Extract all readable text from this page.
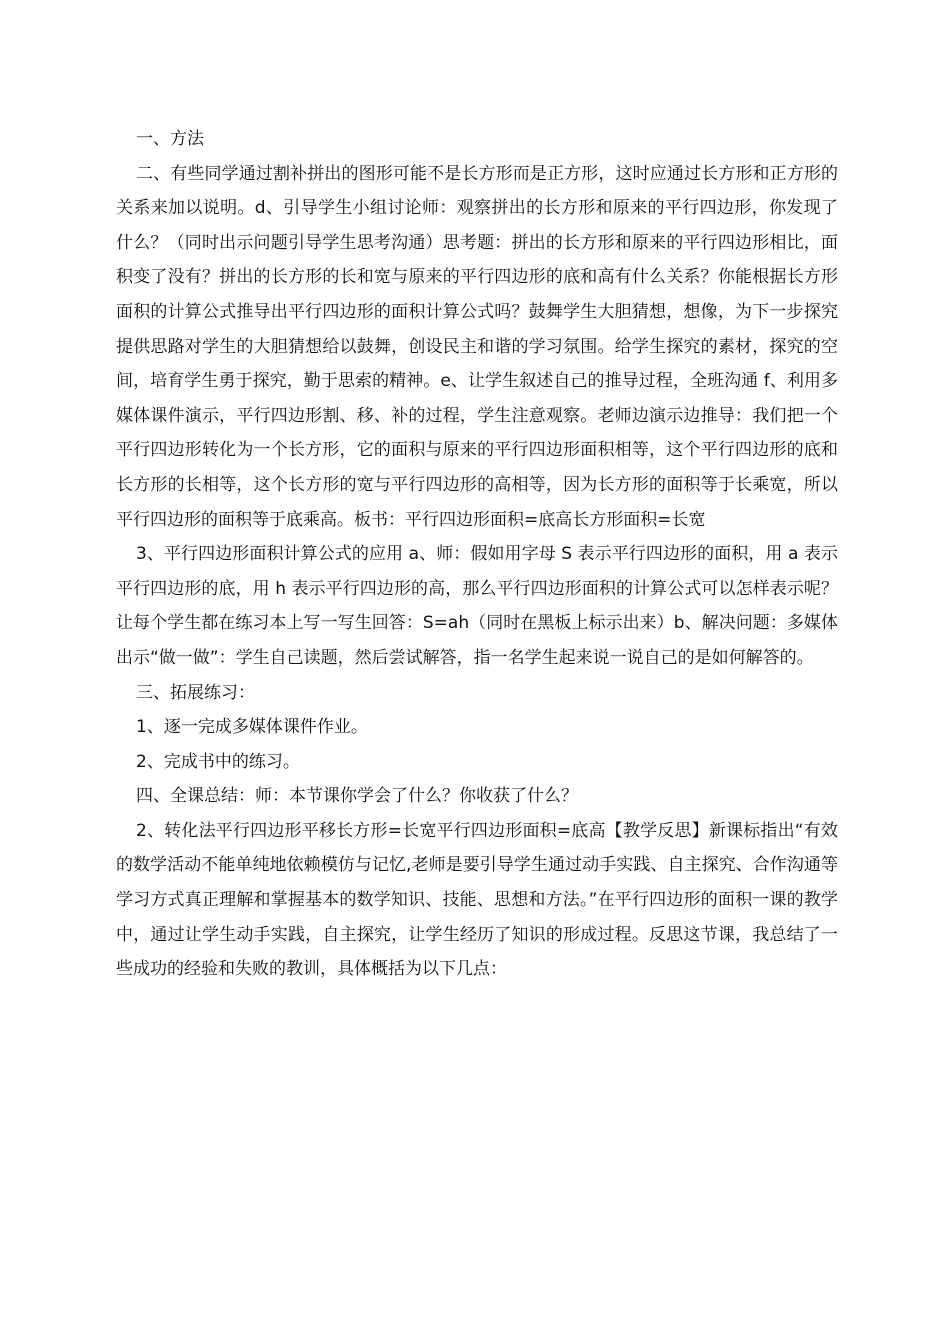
一、方法

二、有些同学通过割补拼出的图形可能不是长方形而是正方形，这时应通过长方形和正方形的关系来加以说明。d、引导学生小组讨论师：观察拼出的长方形和原来的平行四边形，你发现了什么？（同时出示问题引导学生思考沟通）思考题：拼出的长方形和原来的平行四边形相比，面积变了没有？拼出的长方形的长和宽与原来的平行四边形的底和高有什么关系？你能根据长方形面积的计算公式推导出平行四边形的面积计算公式吗？鼓舞学生大胆猜想，想像，为下一步探究提供思路对学生的大胆猜想给以鼓舞，创设民主和谐的学习氛围。给学生探究的素材，探究的空间，培育学生勇于探究，勤于思索的精神。e、让学生叙述自己的推导过程，全班沟通 f、利用多媒体课件演示，平行四边形割、移、补的过程，学生注意观察。老师边演示边推导：我们把一个平行四边形转化为一个长方形，它的面积与原来的平行四边形面积相等，这个平行四边形的底和长方形的长相等，这个长方形的宽与平行四边形的高相等，因为长方形的面积等于长乘宽，所以平行四边形的面积等于底乘高。板书：平行四边形面积=底高长方形面积=长宽

3、平行四边形面积计算公式的应用 a、师：假如用字母 S 表示平行四边形的面积，用 a 表示平行四边形的底，用 h 表示平行四边形的高，那么平行四边形面积的计算公式可以怎样表示呢？让每个学生都在练习本上写一写生回答：S=ah（同时在黑板上标示出来）b、解决问题：多媒体出示“做一做”：学生自己读题，然后尝试解答，指一名学生起来说一说自己的是如何解答的。

三、拓展练习：

1、逐一完成多媒体课件作业。

2、完成书中的练习。

四、全课总结：师：本节课你学会了什么？你收获了什么？

2、转化法平行四边形平移长方形=长宽平行四边形面积=底高【教学反思】新课标指出“有效的数学活动不能单纯地依赖模仿与记忆,老师是要引导学生通过动手实践、自主探究、合作沟通等学习方式真正理解和掌握基本的数学知识、技能、思想和方法。”在平行四边形的面积一课的教学中，通过让学生动手实践，自主探究，让学生经历了知识的形成过程。反思这节课，我总结了一些成功的经验和失败的教训，具体概括为以下几点：
